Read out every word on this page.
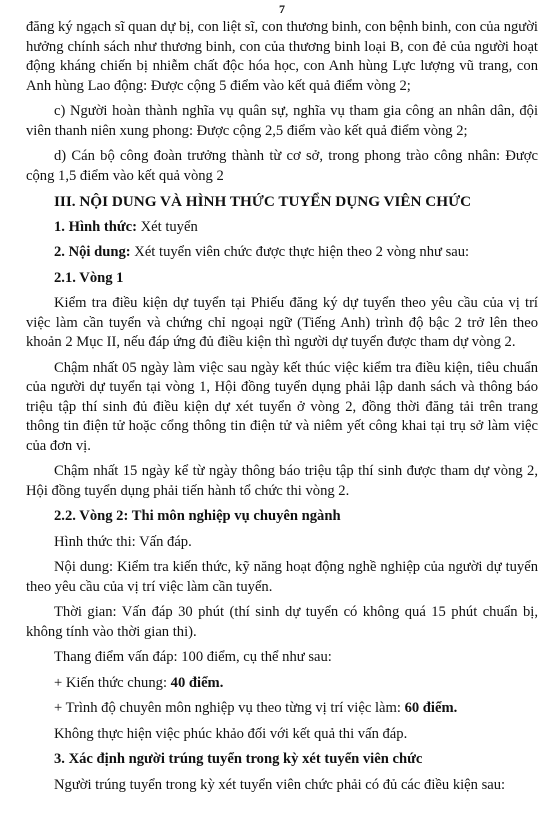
7

đăng ký ngạch sĩ quan dự bị, con liệt sĩ, con thương binh, con bệnh binh, con của người hưởng chính sách như thương binh, con của thương binh loại B, con đẻ của người hoạt động kháng chiến bị nhiễm chất độc hóa học, con Anh hùng Lực lượng vũ trang, con Anh hùng Lao động: Được cộng 5 điểm vào kết quả điểm vòng 2;

c) Người hoàn thành nghĩa vụ quân sự, nghĩa vụ tham gia công an nhân dân, đội viên thanh niên xung phong: Được cộng 2,5 điểm vào kết quả điểm vòng 2;

d) Cán bộ công đoàn trưởng thành từ cơ sở, trong phong trào công nhân: Được cộng 1,5 điểm vào kết quả vòng 2

III. NỘI DUNG VÀ HÌNH THỨC TUYỂN DỤNG VIÊN CHỨC
1. Hình thức: Xét tuyển
2. Nội dung: Xét tuyển viên chức được thực hiện theo 2 vòng như sau:
2.1. Vòng 1

Kiểm tra điều kiện dự tuyển tại Phiếu đăng ký dự tuyển theo yêu cầu của vị trí việc làm cần tuyển và chứng chỉ ngoại ngữ (Tiếng Anh) trình độ bậc 2 trở lên theo khoản 2 Mục II, nếu đáp ứng đủ điều kiện thì người dự tuyển được tham dự vòng 2.

Chậm nhất 05 ngày làm việc sau ngày kết thúc việc kiểm tra điều kiện, tiêu chuẩn của người dự tuyển tại vòng 1, Hội đồng tuyển dụng phải lập danh sách và thông báo triệu tập thí sinh đủ điều kiện dự xét tuyển ở vòng 2, đồng thời đăng tải trên trang thông tin điện tử hoặc cổng thông tin điện tử và niêm yết công khai tại trụ sở làm việc của đơn vị.

Chậm nhất 15 ngày kể từ ngày thông báo triệu tập thí sinh được tham dự vòng 2, Hội đồng tuyển dụng phải tiến hành tổ chức thi vòng 2.

2.2. Vòng 2: Thi môn nghiệp vụ chuyên ngành

Hình thức thi: Vấn đáp.

Nội dung: Kiểm tra kiến thức, kỹ năng hoạt động nghề nghiệp của người dự tuyển theo yêu cầu của vị trí việc làm cần tuyển.

Thời gian: Vấn đáp 30 phút (thí sinh dự tuyển có không quá 15 phút chuẩn bị, không tính vào thời gian thi).

Thang điểm vấn đáp: 100 điểm, cụ thể như sau:

+ Kiến thức chung: 40 điểm.

+ Trình độ chuyên môn nghiệp vụ theo từng vị trí việc làm: 60 điểm.

Không thực hiện việc phúc khảo đối với kết quả thi vấn đáp.

3. Xác định người trúng tuyển trong kỳ xét tuyển viên chức

Người trúng tuyển trong kỳ xét tuyển viên chức phải có đủ các điều kiện sau:
